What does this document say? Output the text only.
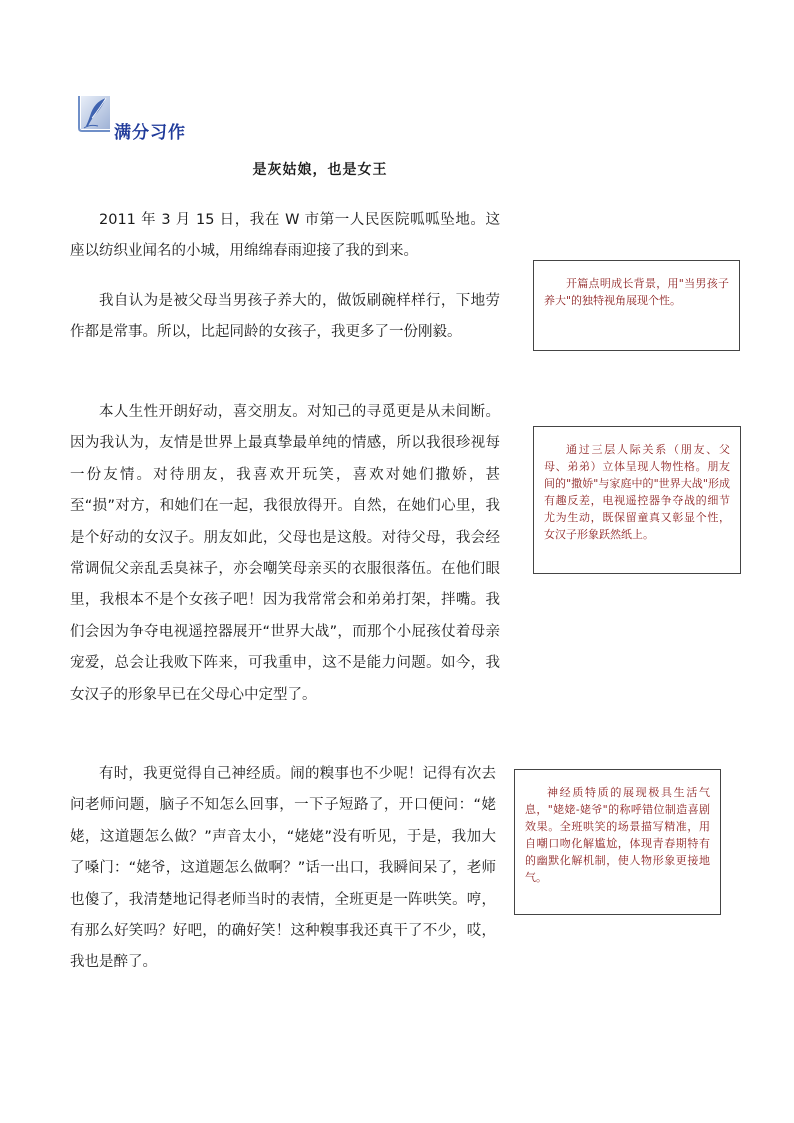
满分习作
是灰姑娘，也是女王

2011 年 3 月 15 日，我在 W 市第一人民医院呱呱坠地。这座以纺织业闻名的小城，用绵绵春雨迎接了我的到来。

我自认为是被父母当男孩子养大的，做饭刷碗样样行，下地劳作都是常事。所以，比起同龄的女孩子，我更多了一份刚毅。

本人生性开朗好动，喜交朋友。对知己的寻觅更是从未间断。因为我认为，友情是世界上最真挚最单纯的情感，所以我很珍视每一份友情。对待朋友，我喜欢开玩笑，喜欢对她们撒娇，甚至“损”对方，和她们在一起，我很放得开。自然，在她们心里，我是个好动的女汉子。朋友如此，父母也是这般。对待父母，我会经常调侃父亲乱丢臭袜子，亦会嘲笑母亲买的衣服很落伍。在他们眼里，我根本不是个女孩子吧！因为我常常会和弟弟打架，拌嘴。我们会因为争夺电视遥控器展开“世界大战”，而那个小屁孩仗着母亲宠爱，总会让我败下阵来，可我重申，这不是能力问题。如今，我女汉子的形象早已在父母心中定型了。

有时，我更觉得自己神经质。闹的糗事也不少呢！记得有次去问老师问题，脑子不知怎么回事，一下子短路了，开口便问：“姥姥，这道题怎么做？”声音太小，“姥姥”没有听见，于是，我加大了嗓门：“姥爷，这道题怎么做啊？”话一出口，我瞬间呆了，老师也傻了，我清楚地记得老师当时的表情，全班更是一阵哄笑。哼，有那么好笑吗？好吧，的确好笑！这种糗事我还真干了不少，哎，我也是醉了。

开篇点明成长背景，用"当男孩子养大"的独特视角展现个性。
通过三层人际关系（朋友、父母、弟弟）立体呈现人物性格。朋友间的"撒娇"与家庭中的"世界大战"形成有趣反差，电视遥控器争夺战的细节尤为生动，既保留童真又彰显个性，女汉子形象跃然纸上。
神经质特质的展现极具生活气息，"姥姥-姥爷"的称呼错位制造喜剧效果。全班哄笑的场景描写精准，用自嘲口吻化解尴尬，体现青春期特有的幽默化解机制，使人物形象更接地气。
